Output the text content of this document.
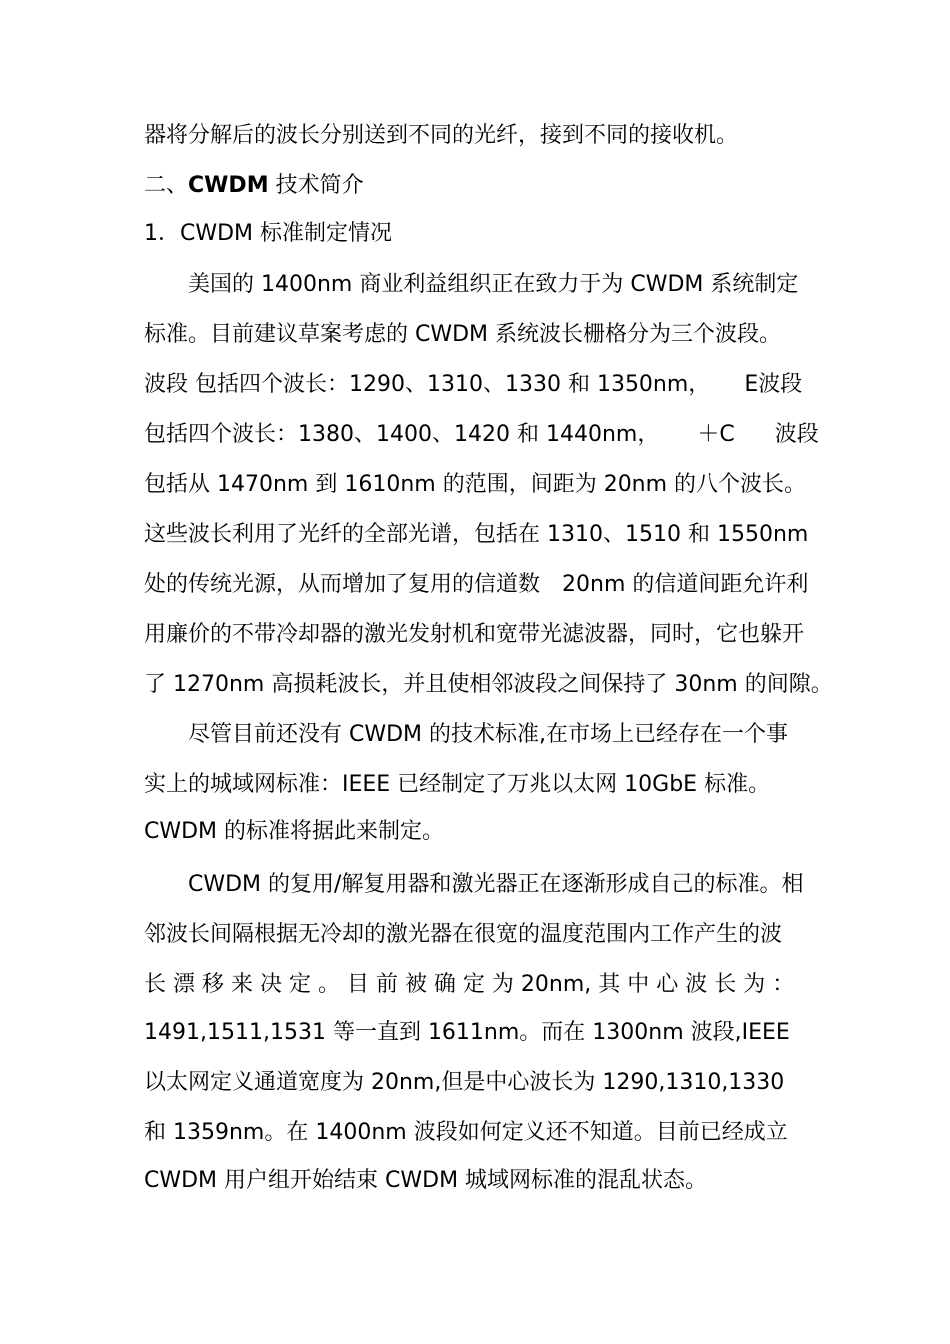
器将分解后的波长分别送到不同的光纤，接到不同的接收机。
二、CWDM 技术简介
1．CWDM 标准制定情况
美国的 1400nm 商业利益组织正在致力于为 CWDM 系统制定
标准。目前建议草案考虑的 CWDM 系统波长栅格分为三个波段。
波段 包括四个波长：1290、1310、1330 和 1350nm， E波段
包括四个波长：1380、1400、1420 和 1440nm， ＋C 波段
包括从 1470nm 到 1610nm 的范围，间距为 20nm 的八个波长。
这些波长利用了光纤的全部光谱，包括在 1310、1510 和 1550nm
处的传统光源，从而增加了复用的信道数 20nm 的信道间距允许利
用廉价的不带冷却器的激光发射机和宽带光滤波器，同时，它也躲开
了 1270nm 高损耗波长，并且使相邻波段之间保持了 30nm 的间隙。
尽管目前还没有 CWDM 的技术标准,在市场上已经存在一个事
实上的城域网标准：IEEE 已经制定了万兆以太网 10GbE 标准。
CWDM 的标准将据此来制定。
CWDM 的复用/解复用器和激光器正在逐渐形成自己的标准。相
邻波长间隔根据无冷却的激光器在很宽的温度范围内工作产生的波
长 漂 移 来 决 定 。 目 前 被 确 定 为 20nm, 其 中 心 波 长 为 ：
1491,1511,1531 等一直到 1611nm。而在 1300nm 波段,IEEE
以太网定义通道宽度为 20nm,但是中心波长为 1290,1310,1330
和 1359nm。在 1400nm 波段如何定义还不知道。目前已经成立
CWDM 用户组开始结束 CWDM 城域网标准的混乱状态。
